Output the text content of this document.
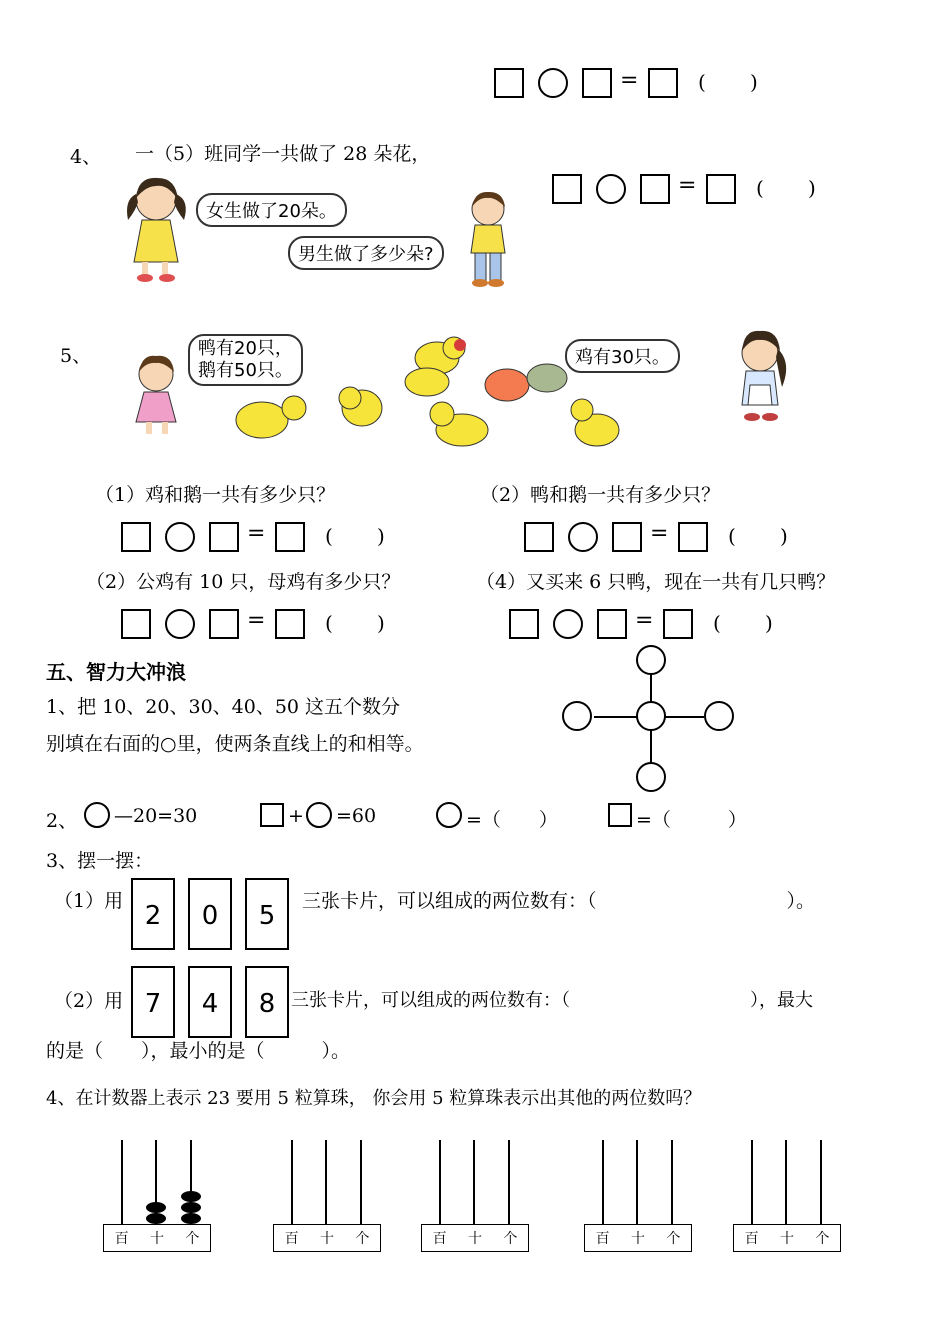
=	( )
4、 一（5）班同学一共做了 28 朵花，
女生做了20朵。
男生做了多少朵?
=	( )
5、	鸭有20只，
鹅有50只。
鸡有30只。
（1）鸡和鹅一共有多少只？	（2）鸭和鹅一共有多少只？
=	( )	=	( )
（2）公鸡有 10 只，母鸡有多少只？	（4）又买来 6 只鸭，现在一共有几只鸭？
=	( )	=	( )
五、智力大冲浪
1、把 10、20、30、40、50 这五个数分
别填在右面的○里，使两条直线上的和相等。
2、 —20=30	+ =60	=（　　）	=（　　　）
3、摆一摆：
（1）用 2	0	5	三张卡片，可以组成的两位数有：（　　　　　　　　　　）。
（2）用 7	4	8 三张卡片，可以组成的两位数有：（　　　　　　　　　　），最大
的是（　　），最小的是（　　　）。
4、在计数器上表示 23 要用 5 粒算珠， 你会用 5 粒算珠表示出其他的两位数吗？
百 十 个	百 十 个	百 十 个	百 十 个	百 十 个
